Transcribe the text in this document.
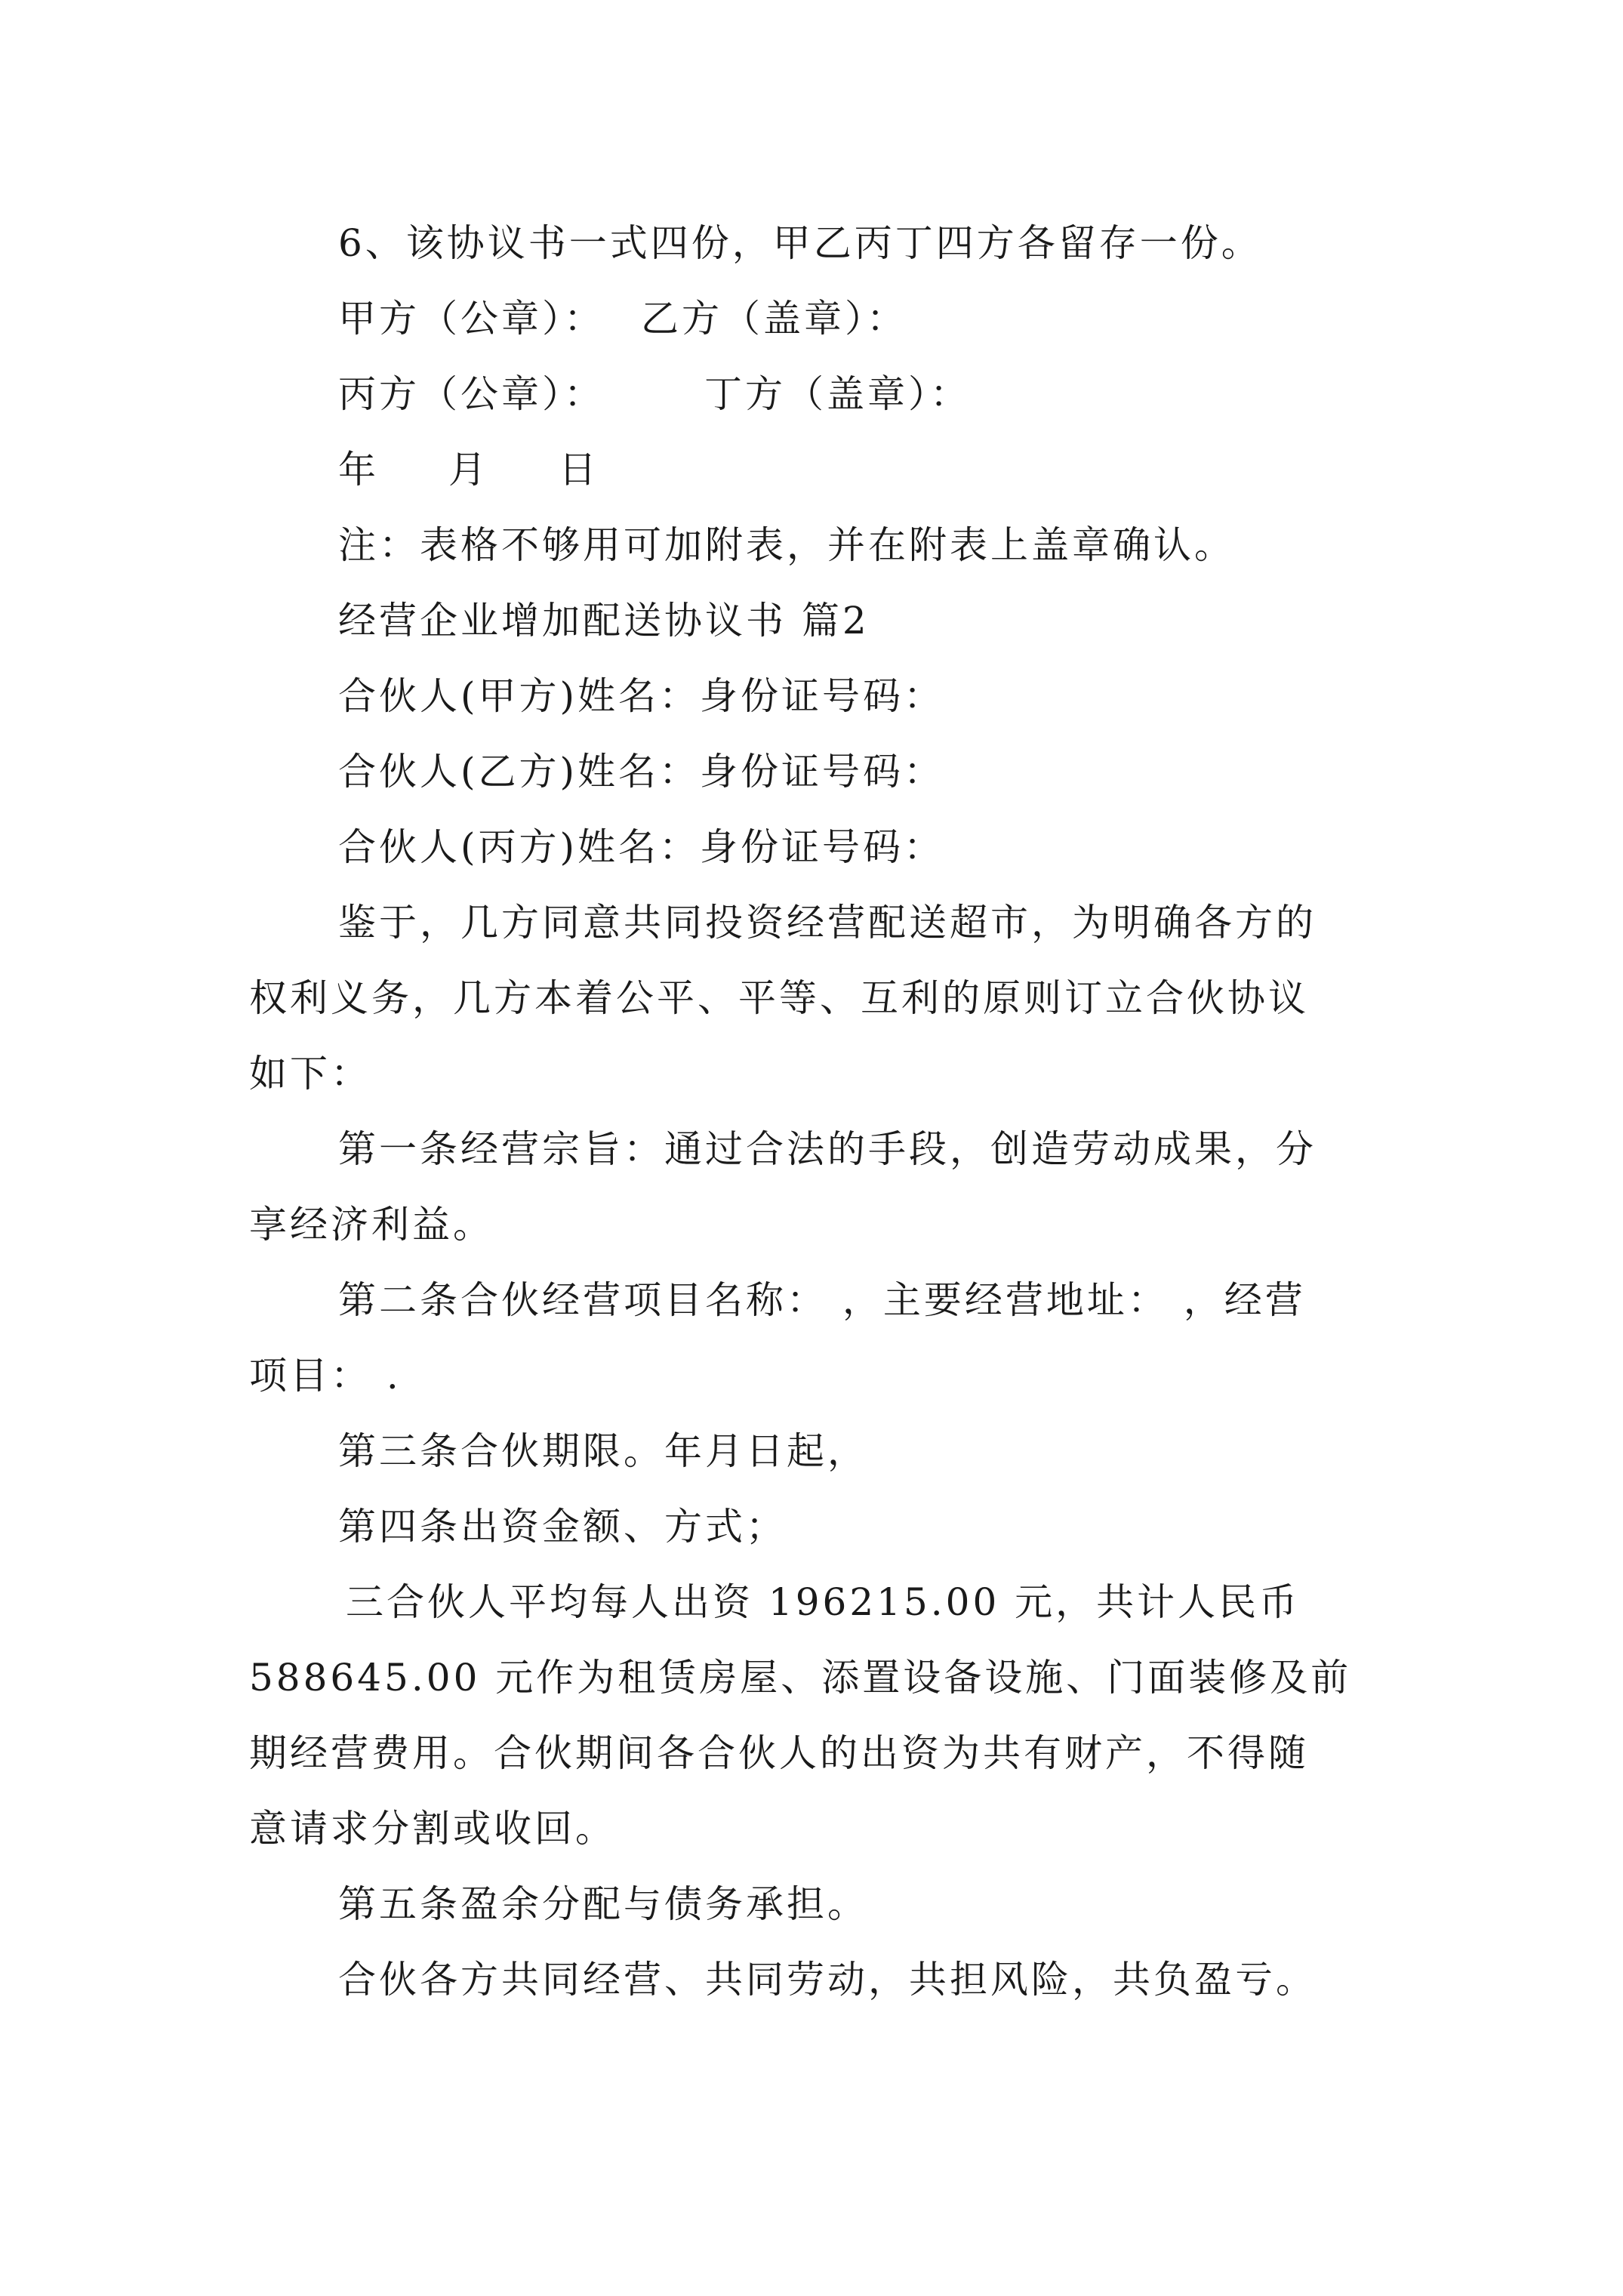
6、该协议书一式四份，甲乙丙丁四方各留存一份。
甲方（公章）： 乙方（盖章）：
丙方（公章）：	丁方（盖章）：
年 月 日
注：表格不够用可加附表，并在附表上盖章确认。
经营企业增加配送协议书 篇2
合伙人(甲方)姓名：身份证号码：
合伙人(乙方)姓名：身份证号码：
合伙人(丙方)姓名：身份证号码：
鉴于，几方同意共同投资经营配送超市，为明确各方的
权利义务，几方本着公平、平等、互利的原则订立合伙协议
如下：
第一条经营宗旨：通过合法的手段，创造劳动成果，分
享经济利益。
第二条合伙经营项目名称： ，主要经营地址： ，经营
项目： .
第三条合伙期限。年月日起，
第四条出资金额、方式；
三合伙人平均每人出资 196215.00 元，共计人民币
588645.00 元作为租赁房屋、添置设备设施、门面装修及前
期经营费用。合伙期间各合伙人的出资为共有财产，不得随
意请求分割或收回。
第五条盈余分配与债务承担。
合伙各方共同经营、共同劳动，共担风险，共负盈亏。
